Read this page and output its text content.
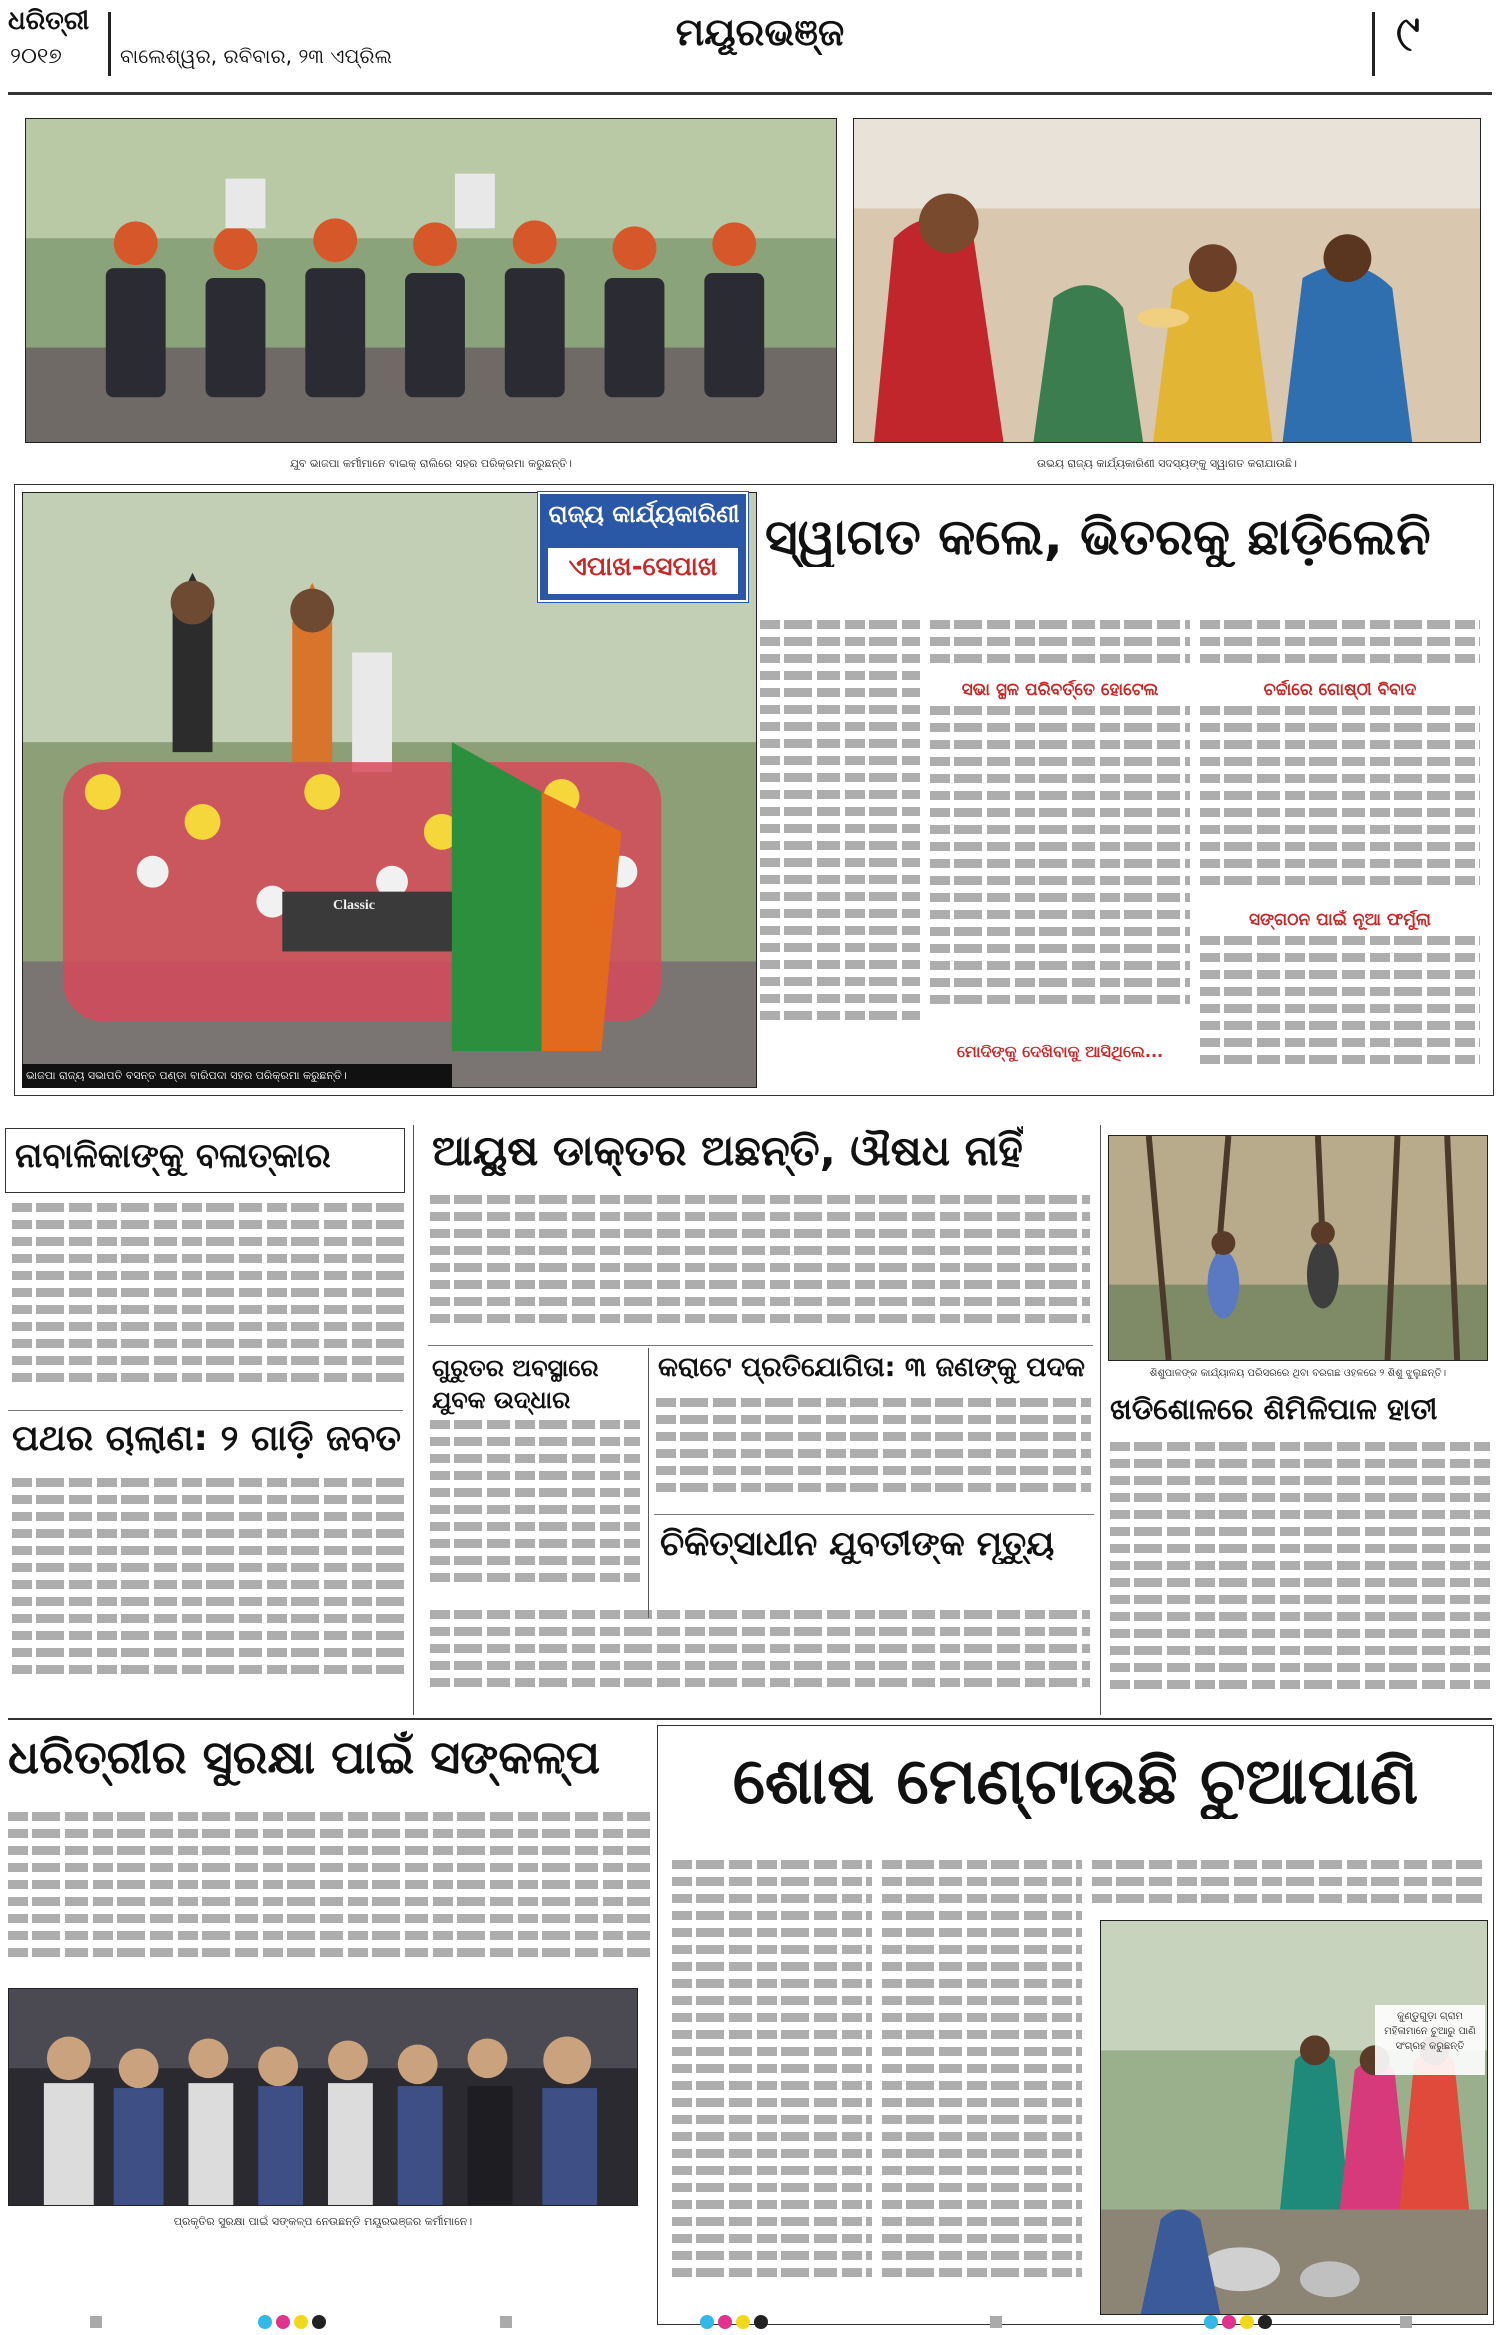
ଧରିତ୍ରୀ
୨୦୧୭	ବାଲେଶ୍ୱର, ରବିବାର, ୨୩ ଏପ୍ରିଲ
ମୟୂରଭଞ୍ଜ	୯
ଯୁବ ଭାଜପା କର୍ମୀମାନେ ବାଇକ୍ ରାଲିରେ ସହର ପରିକ୍ରମା କରୁଛନ୍ତି।	ଉଭୟ ରାଜ୍ୟ କାର୍ଯ୍ୟକାରିଣୀ ସଦସ୍ୟଙ୍କୁ ସ୍ୱାଗତ କରାଯାଉଛି।
Classic
ଭାଜପା ରାଜ୍ୟ ସଭାପତି ବସନ୍ତ ପଣ୍ଡା ବାରିପଦା ସହର ପରିକ୍ରମା କରୁଛନ୍ତି।
ରାଜ୍ୟ କାର୍ଯ୍ୟକାରିଣୀ
ଏପାଖ-ସେପାଖ
ସ୍ୱାଗତ କଲେ, ଭିତରକୁ ଛାଡ଼ିଲେନି
ସଭା ସ୍ଥଳ ପରିବର୍ତ୍ତେ ହୋଟେଲ
ମୋଦିଙ୍କୁ ଦେଖିବାକୁ ଆସିଥିଲେ...
ଚର୍ଚ୍ଚାରେ ଗୋଷ୍ଠୀ ବିବାଦ
ସଙ୍ଗଠନ ପାଇଁ ନୂଆ ଫର୍ମୁଲା
ନାବାଳିକାଙ୍କୁ ବଳାତ୍କାର
ପଥର ଚାଲାଣ: ୨ ଗାଡ଼ି ଜବତ
ଆୟୁଷ ଡାକ୍ତର ଅଛନ୍ତି, ଔଷଧ ନାହିଁ
ଗୁରୁତର ଅବସ୍ଥାରେ ଯୁବକ ଉଦ୍ଧାର
କରାଟେ ପ୍ରତିଯୋଗିତା: ୩ ଜଣଙ୍କୁ ପଦକ
ଚିକିତ୍ସାଧୀନ ଯୁବତୀଙ୍କ ମୃତ୍ୟୁ
ଶିଶୁପାଳଙ୍କ କାର୍ଯ୍ୟାଳୟ ପରିସରରେ ଥିବା ବରଗଛ ଓହଳରେ ୨ ଶିଶୁ ଝୁଲୁଛନ୍ତି।
ଖଡିଶୋଳରେ ଶିମିଳିପାଳ ହାତୀ
ଧରିତ୍ରୀର ସୁରକ୍ଷା ପାଇଁ ସଙ୍କଳ୍ପ
ପ୍ରକୃତିର ସୁରକ୍ଷା ପାଇଁ ସଙ୍କଳ୍ପ ନେଉଛନ୍ତି ମୟୂରଭଞ୍ଜର କର୍ମୀମାନେ।
ଶୋଷ ମେଣ୍ଟାଉଛି ଚୁଆପାଣି
କୁଣ୍ଡୁଗୁଡ଼ା ଗ୍ରାମ ମହିଳାମାନେ ଚୁଆରୁ ପାଣି ସଂଗ୍ରହ କରୁଛନ୍ତି
